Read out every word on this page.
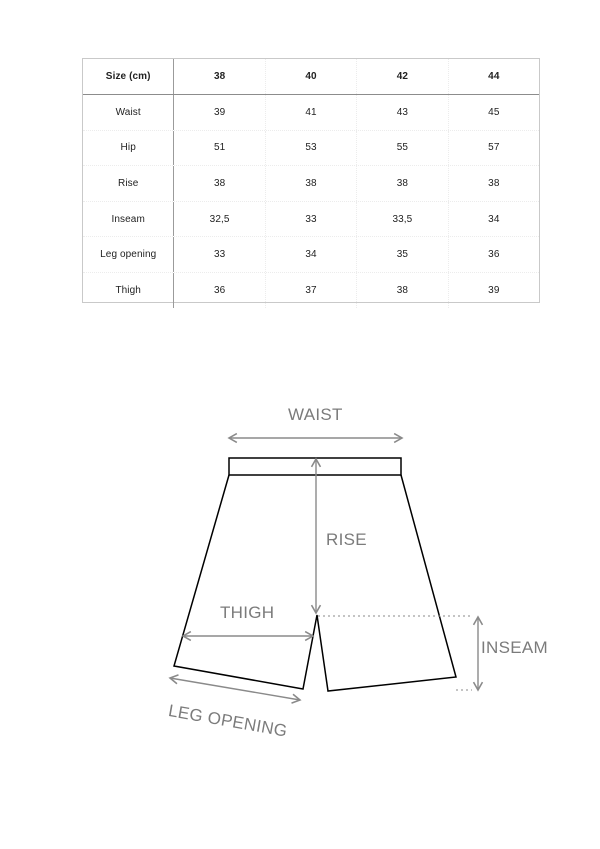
Size (cm)	38	40	42	44
Waist	39	41	43	45
Hip	51	53	55	57
Rise	38	38	38	38
Inseam	32,5	33	33,5	34
Leg opening	33	34	35	36
Thigh	36	37	38	39
WAIST
RISE
THIGH
INSEAM
LEG OPENING
